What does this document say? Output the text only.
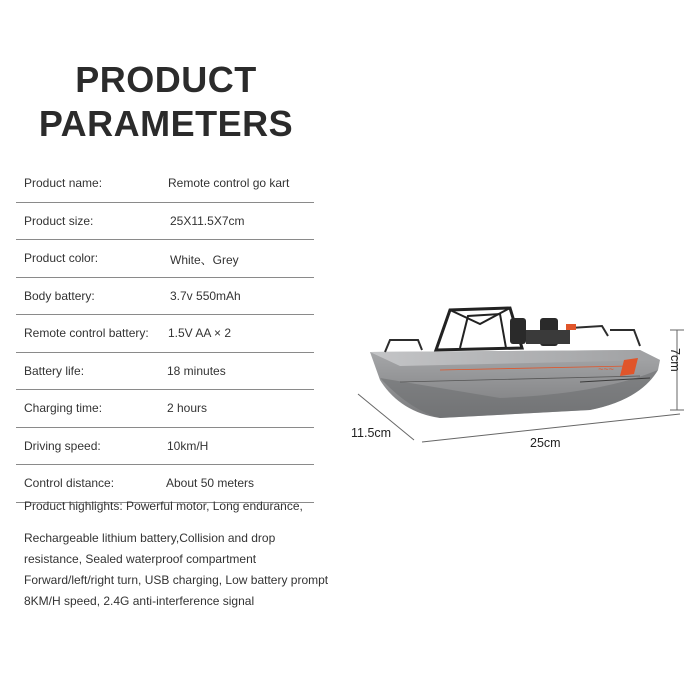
PRODUCT
PARAMETERS
Product name:	Remote control go kart
Product size:	25X11.5X7cm
Product color:	White、Grey
Body battery:	3.7v 550mAh
Remote control battery: 1.5V AA × 2
Battery life:	18 minutes
Charging time:	2 hours
Driving speed:	10km/H
Control distance:	About 50 meters
Product highlights: Powerful motor, Long endurance,
Rechargeable lithium battery,Collision and drop
resistance, Sealed waterproof compartment
Forward/left/right turn, USB charging, Low battery prompt
8KM/H speed, 2.4G anti-interference signal
~~~	7cm
11.5cm
25cm
